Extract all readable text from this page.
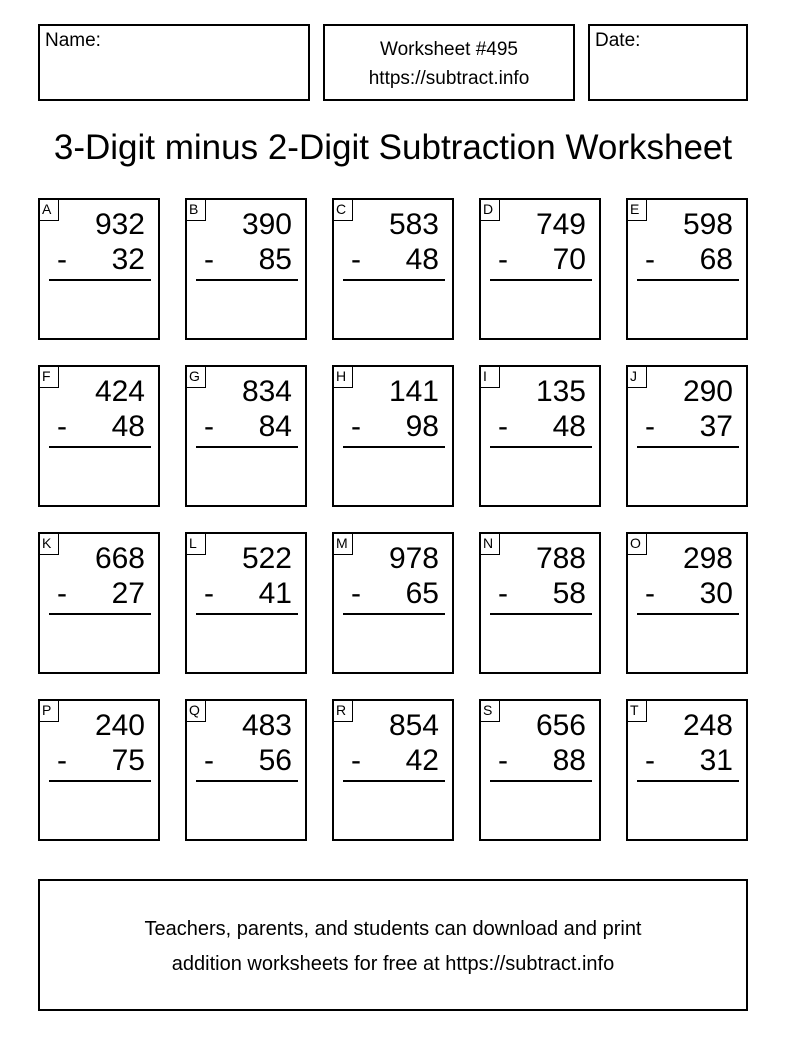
Name:	Worksheet #495
https://subtract.info
Date:
3-Digit minus 2-Digit Subtraction Worksheet
A 932
- 32
B 390
- 85
C 583
- 48
D 749
- 70
E 598
- 68
F 424
- 48
G 834
- 84
H 141
- 98
I	135
- 48
J	290
- 37
K 668
- 27
L	522
- 41
M 978
- 65
N 788
- 58
O 298
- 30
P 240
- 75
Q 483
- 56
R 854
- 42
S 656
- 88
T 248
- 31
Teachers, parents, and students can download and print
addition worksheets for free at https://subtract.info
